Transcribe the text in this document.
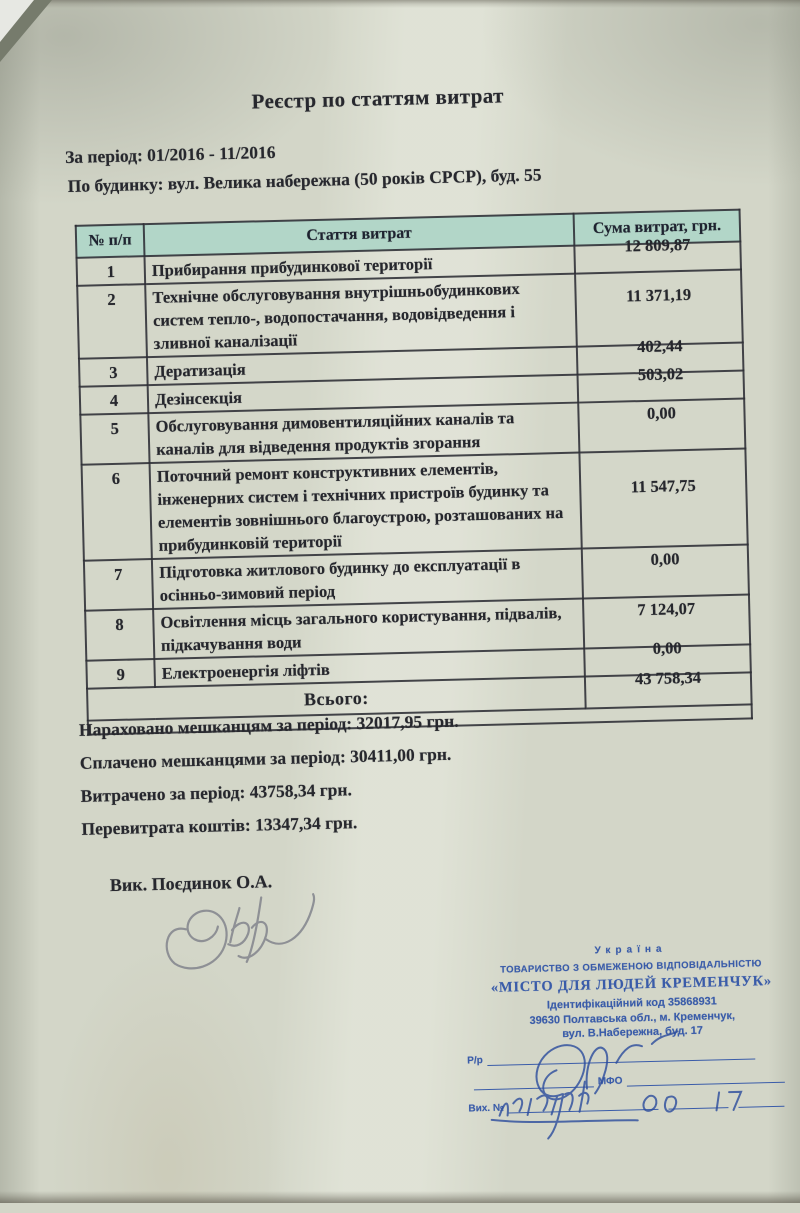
Реєстр по статтям витрат
За період: 01/2016 - 11/2016
По будинку: вул. Велика набережна (50 років СРСР), буд. 55
№ п/п	Стаття витрат	Сума витрат, грн.
1	Прибирання прибудинкової території	12 809,87
2	Технічне обслуговування внутрішньобудинкових систем тепло-, водопостачання, водовідведення і зливної каналізації	11 371,19
3	Дератизація	402,44
4	Дезінсекція	503,02
5	Обслуговування димовентиляційних каналів та каналів для відведення продуктів згорання	0,00
6	Поточний ремонт конструктивних елементів, інженерних систем і технічних пристроїв будинку та елементів зовнішнього благоустрою, розташованих на прибудинковій території	11 547,75
7	Підготовка житлового будинку до експлуатації в осінньо-зимовий період	0,00
8	Освітлення місць загального користування, підвалів, підкачування води	7 124,07
9	Електроенергія ліфтів	0,00
Всього:		43 758,34

Нараховано мешканцям за період: 32017,95 грн.
Сплачено мешканцями за період: 30411,00 грн.
Витрачено за період: 43758,34 грн.
Перевитрата коштів: 13347,34 грн.
Вик. Поєдинок О.А.
Україна
ТОВАРИСТВО З ОБМЕЖЕНОЮ ВІДПОВІДАЛЬНІСТЮ
«МІСТО ДЛЯ ЛЮДЕЙ КРЕМЕНЧУК»
Ідентифікаційний код 35868931
39630 Полтавська обл., м. Кременчук,
вул. В.Набережна, буд. 17
Р/р
МФО
Вих. №
